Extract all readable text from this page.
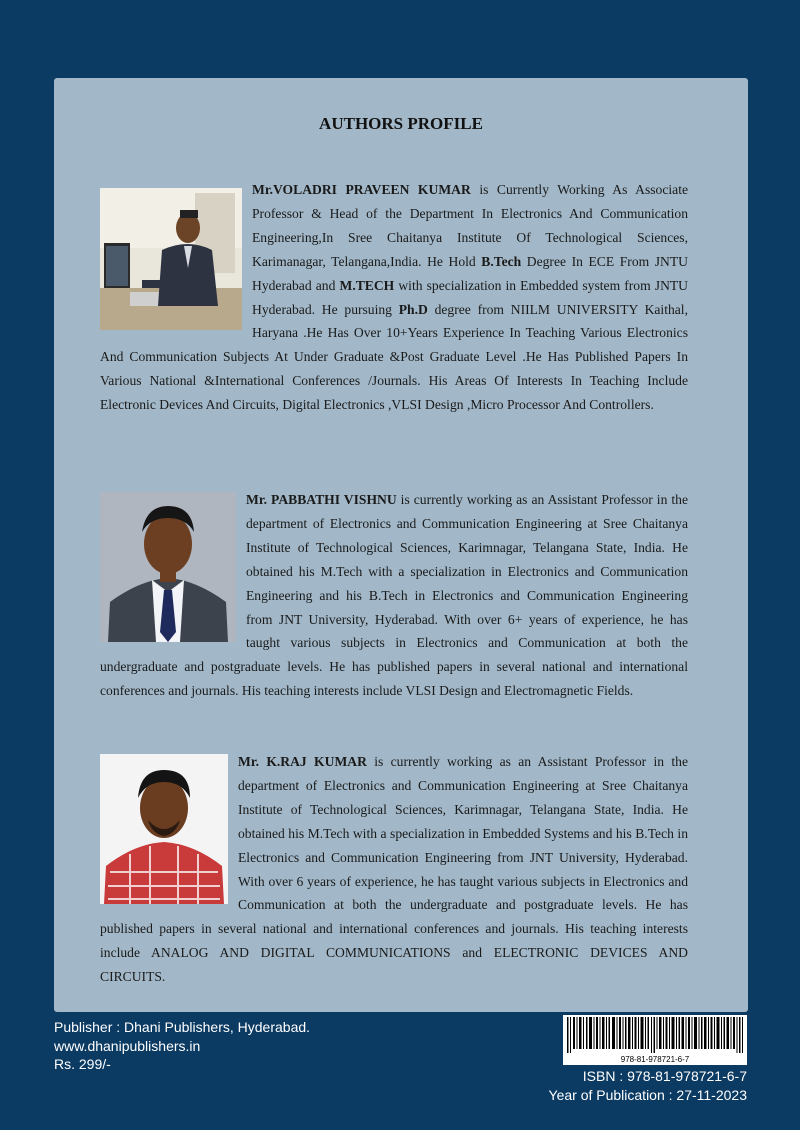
AUTHORS PROFILE
Mr.VOLADRI PRAVEEN KUMAR is Currently Working As Associate Professor & Head of the Department In Electronics And Communication Engineering,In Sree Chaitanya Institute Of Technological Sciences, Karimanagar, Telangana,India. He Hold B.Tech Degree In ECE From JNTU Hyderabad and M.TECH with specialization in Embedded system from JNTU Hyderabad. He pursuing Ph.D degree from NIILM UNIVERSITY Kaithal, Haryana .He Has Over 10+Years Experience In Teaching Various Electronics And Communication Subjects At Under Graduate &Post Graduate Level .He Has Published Papers In Various National &International Conferences /Journals. His Areas Of Interests In Teaching Include Electronic Devices And Circuits, Digital Electronics ,VLSI Design ,Micro Processor And Controllers.
Mr. PABBATHI VISHNU is currently working as an Assistant Professor in the department of Electronics and Communication Engineering at Sree Chaitanya Institute of Technological Sciences, Karimnagar, Telangana State, India. He obtained his M.Tech with a specialization in Electronics and Communication Engineering and his B.Tech in Electronics and Communication Engineering from JNT University, Hyderabad. With over 6+ years of experience, he has taught various subjects in Electronics and Communication at both the undergraduate and postgraduate levels. He has published papers in several national and international conferences and journals. His teaching interests include VLSI Design and Electromagnetic Fields.
Mr. K.RAJ KUMAR is currently working as an Assistant Professor in the department of Electronics and Communication Engineering at Sree Chaitanya Institute of Technological Sciences, Karimnagar, Telangana State, India. He obtained his M.Tech with a specialization in Embedded Systems and his B.Tech in Electronics and Communication Engineering from JNT University, Hyderabad. With over 6 years of experience, he has taught various subjects in Electronics and Communication at both the undergraduate and postgraduate levels. He has published papers in several national and international conferences and journals. His teaching interests include ANALOG AND DIGITAL COMMUNICATIONS and ELECTRONIC DEVICES AND CIRCUITS.
Publisher : Dhani Publishers, Hyderabad.
www.dhanipublishers.in
Rs. 299/-	978-81-978721-6-7
ISBN : 978-81-978721-6-7
Year of Publication : 27-11-2023
